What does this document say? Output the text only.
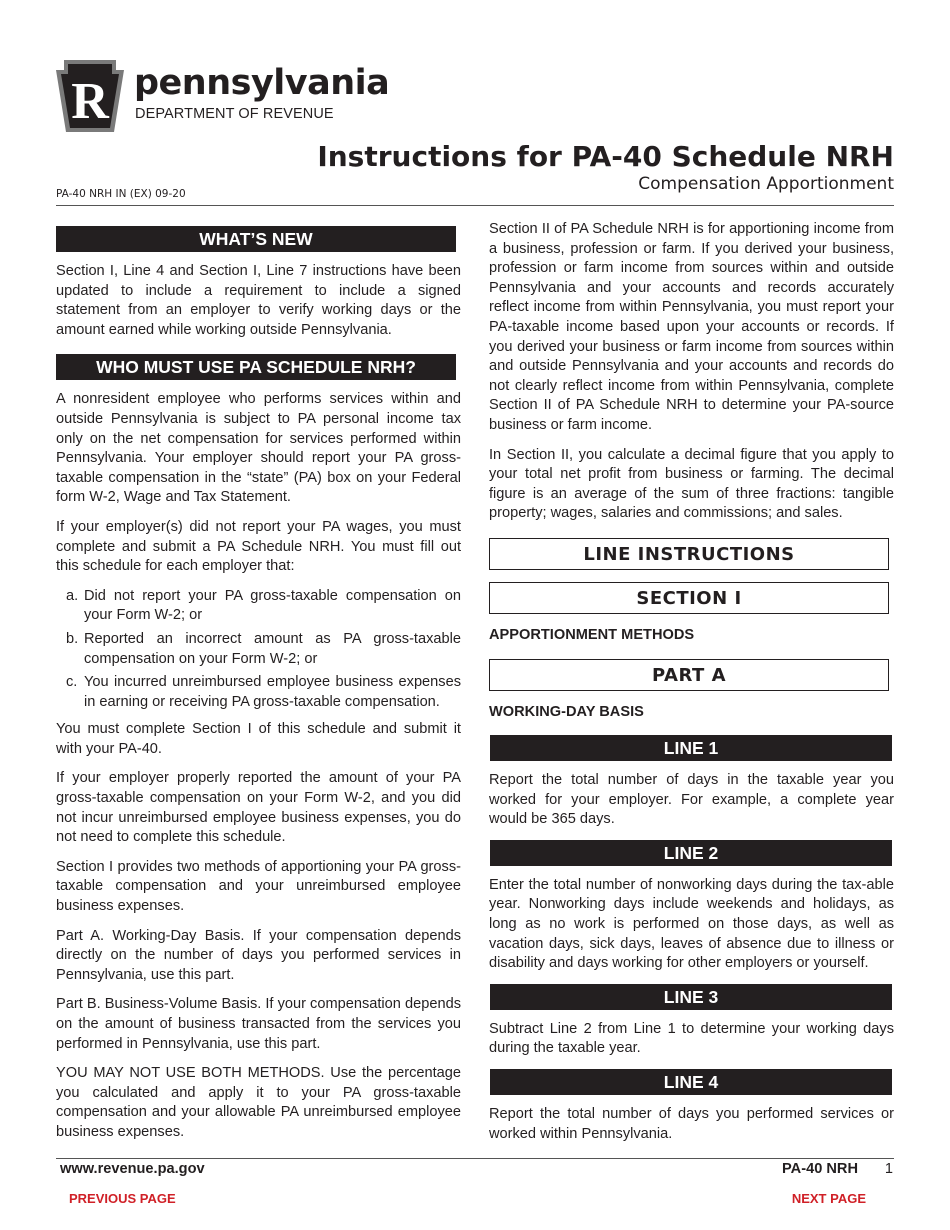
R pennsylvania
DEPARTMENT OF REVENUE
Instructions for PA-40 Schedule NRH
Compensation Apportionment
PA-40 NRH IN (EX) 09-20
WHAT’S NEW

Section I, Line 4 and Section I, Line 7 instructions have been updated to include a requirement to include a signed statement from an employer to verify working days or the amount earned while working outside Pennsylvania.

WHO MUST USE PA SCHEDULE NRH?

A nonresident employee who performs services within and outside Pennsylvania is subject to PA personal income tax only on the net compensation for services performed within Pennsylvania. Your employer should report your PA gross-taxable compensation in the “state” (PA) box on your Federal form W-2, Wage and Tax Statement.

If your employer(s) did not report your PA wages, you must complete and submit a PA Schedule NRH. You must fill out this schedule for each employer that:

a. Did not report your PA gross-taxable compensation on your Form W-2; or
b. Reported an incorrect amount as PA gross-taxable compensation on your Form W-2; or
c. You incurred unreimbursed employee business expenses in earning or receiving PA gross-taxable compensation.

You must complete Section I of this schedule and submit it with your PA-40.

If your employer properly reported the amount of your PA gross-taxable compensation on your Form W-2, and you did not incur unreimbursed employee business expenses, you do not need to complete this schedule.

Section I provides two methods of apportioning your PA gross-taxable compensation and your unreimbursed employee business expenses.

Part A. Working-Day Basis. If your compensation depends directly on the number of days you performed services in Pennsylvania, use this part.

Part B. Business-Volume Basis. If your compensation depends on the amount of business transacted from the services you performed in Pennsylvania, use this part.

YOU MAY NOT USE BOTH METHODS. Use the percentage you calculated and apply it to your PA gross-taxable compensation and your allowable PA unreimbursed employee business expenses.

Section II of PA Schedule NRH is for apportioning income from a business, profession or farm. If you derived your business, profession or farm income from sources within and outside Pennsylvania and your accounts and records accurately reflect income from within Pennsylvania, you must report your PA-taxable income based upon your accounts or records. If you derived your business or farm income from sources within and outside Pennsylvania and your accounts and records do not clearly reflect income from within Pennsylvania, complete Section II of PA Schedule NRH to determine your PA-source business or farm income.

In Section II, you calculate a decimal figure that you apply to your total net profit from business or farming. The decimal figure is an average of the sum of three fractions: tangible property; wages, salaries and commissions; and sales.

LINE INSTRUCTIONS
SECTION I
APPORTIONMENT METHODS
PART A
WORKING-DAY BASIS
LINE 1

Report the total number of days in the taxable year you worked for your employer. For example, a complete year would be 365 days.

LINE 2

Enter the total number of nonworking days during the tax-able year. Nonworking days include weekends and holidays, as long as no work is performed on those days, as well as vacation days, sick days, leaves of absence due to illness or disability and days working for other employers or yourself.

LINE 3

Subtract Line 2 from Line 1 to determine your working days during the taxable year.

LINE 4

Report the total number of days you performed services or worked within Pennsylvania.

www.revenue.pa.gov	PA-40 NRH 1
PREVIOUS PAGE	NEXT PAGE
